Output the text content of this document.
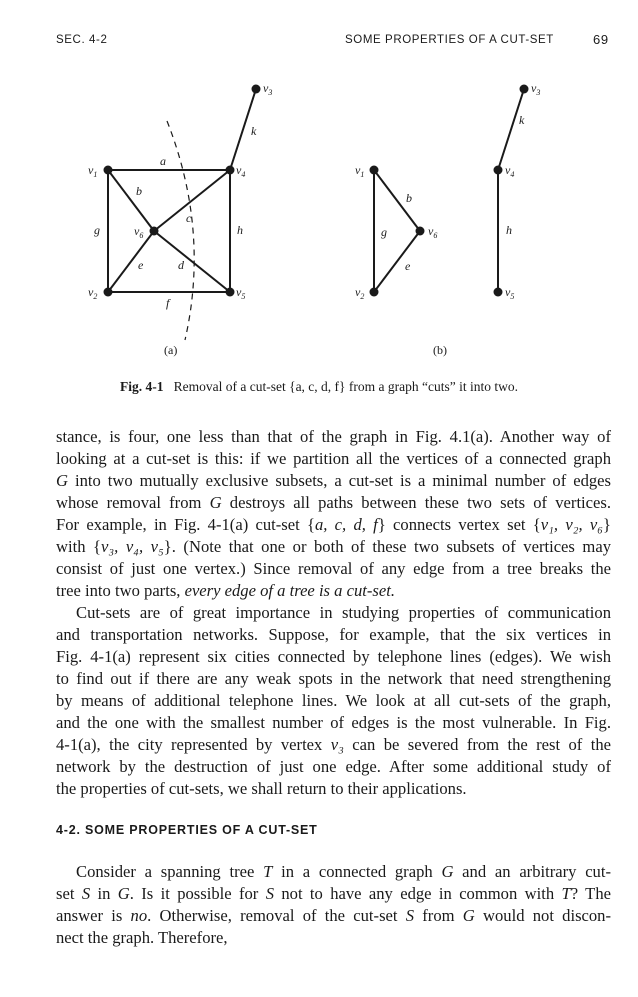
SEC. 4-2	SOME PROPERTIES OF A CUT-SET	69
$v_1$	$v_4$
$v_2$	$v_5$
$v_6$
$v_3$
a
b
c
d
e
f
g	h
k
$v_1$
$v_2$
$v_6$
$v_4$
$v_5$
$v_3$
b
g
e
h
k
(a)	(b)
Fig. 4-1 Removal of a cut-set {a, c, d, f} from a graph “cuts” it into two.
stance, is four, one less than that of the graph in Fig. 4.1(a). Another way of
looking at a cut-set is this: if we partition all the vertices of a connected graph
G into two mutually exclusive subsets, a cut-set is a minimal number of edges
whose removal from G destroys all paths between these two sets of vertices.
For example, in Fig. 4-1(a) cut-set {a, c, d, f} connects vertex set {v₁, v₂, v₆}
with {v₃, v₄, v₅}. (Note that one or both of these two subsets of vertices may
consist of just one vertex.) Since removal of any edge from a tree breaks the
tree into two parts, every edge of a tree is a cut-set.
Cut-sets are of great importance in studying properties of communication
and transportation networks. Suppose, for example, that the six vertices in
Fig. 4-1(a) represent six cities connected by telephone lines (edges). We wish
to find out if there are any weak spots in the network that need strengthening
by means of additional telephone lines. We look at all cut-sets of the graph,
and the one with the smallest number of edges is the most vulnerable. In Fig.
4-1(a), the city represented by vertex v₃ can be severed from the rest of the
network by the destruction of just one edge. After some additional study of
the properties of cut-sets, we shall return to their applications.
4-2. SOME PROPERTIES OF A CUT-SET
Consider a spanning tree T in a connected graph G and an arbitrary cut-
set S in G. Is it possible for S not to have any edge in common with T? The
answer is no. Otherwise, removal of the cut-set S from G would not discon-
nect the graph. Therefore,
